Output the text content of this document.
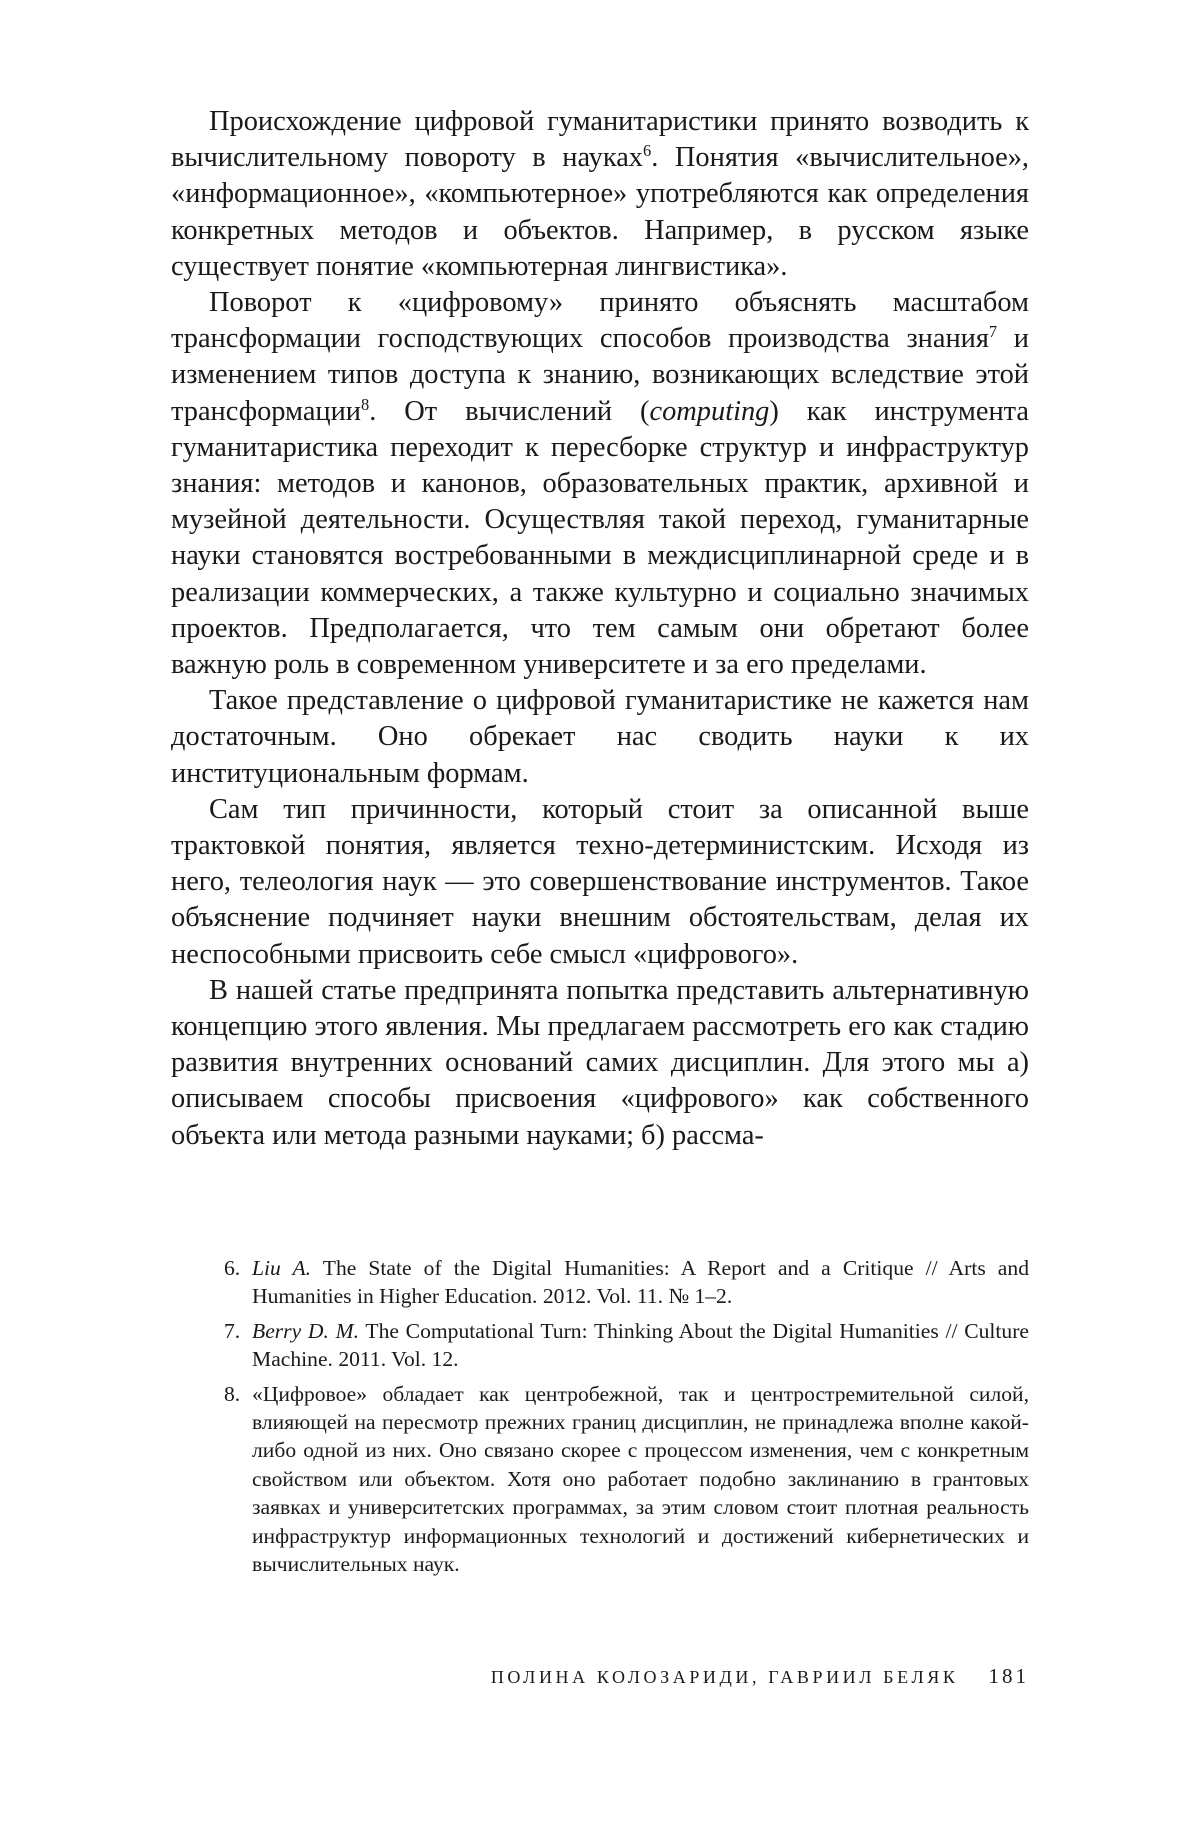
Происхождение цифровой гуманитаристики принято возводить к вычислительному повороту в науках$^6$. Понятия «вычислительное», «информационное», «компьютерное» употребляются как определения конкретных методов и объектов. Например, в русском языке существует понятие «компьютерная лингвистика».

Поворот к «цифровому» принято объяснять масштабом трансформации господствующих способов производства знания$^7$ и изменением типов доступа к знанию, возникающих вследствие этой трансформации$^8$. От вычислений (computing) как инструмента гуманитаристика переходит к пересборке структур и инфраструктур знания: методов и канонов, образовательных практик, архивной и музейной деятельности. Осуществляя такой переход, гуманитарные науки становятся востребованными в междисциплинарной среде и в реализации коммерческих, а также культурно и социально значимых проектов. Предполагается, что тем самым они обретают более важную роль в современном университете и за его пределами.

Такое представление о цифровой гуманитаристике не кажется нам достаточным. Оно обрекает нас сводить науки к их институциональным формам.

Сам тип причинности, который стоит за описанной выше трактовкой понятия, является техно-детерминистским. Исходя из него, телеология наук — это совершенствование инструментов. Такое объяснение подчиняет науки внешним обстоятельствам, делая их неспособными присвоить себе смысл «цифрового».

В нашей статье предпринята попытка представить альтернативную концепцию этого явления. Мы предлагаем рассмотреть его как стадию развития внутренних оснований самих дисциплин. Для этого мы а) описываем способы присвоения «цифрового» как собственного объекта или метода разными науками; б) рассма-

6. Liu A. The State of the Digital Humanities: A Report and a Critique // Arts and Humanities in Higher Education. 2012. Vol. 11. № 1–2.
7. Berry D. M. The Computational Turn: Thinking About the Digital Humanities // Culture Machine. 2011. Vol. 12.
8. «Цифровое» обладает как центробежной, так и центростремительной силой, влияющей на пересмотр прежних границ дисциплин, не принадлежа вполне какой-либо одной из них. Оно связано скорее с процессом изменения, чем с конкретным свойством или объектом. Хотя оно работает подобно заклинанию в грантовых заявках и университетских программах, за этим словом стоит плотная реальность инфраструктур информационных технологий и достижений кибернетических и вычислительных наук.
ПОЛИНА КОЛОЗАРИДИ, ГАВРИИЛ БЕЛЯК 181
